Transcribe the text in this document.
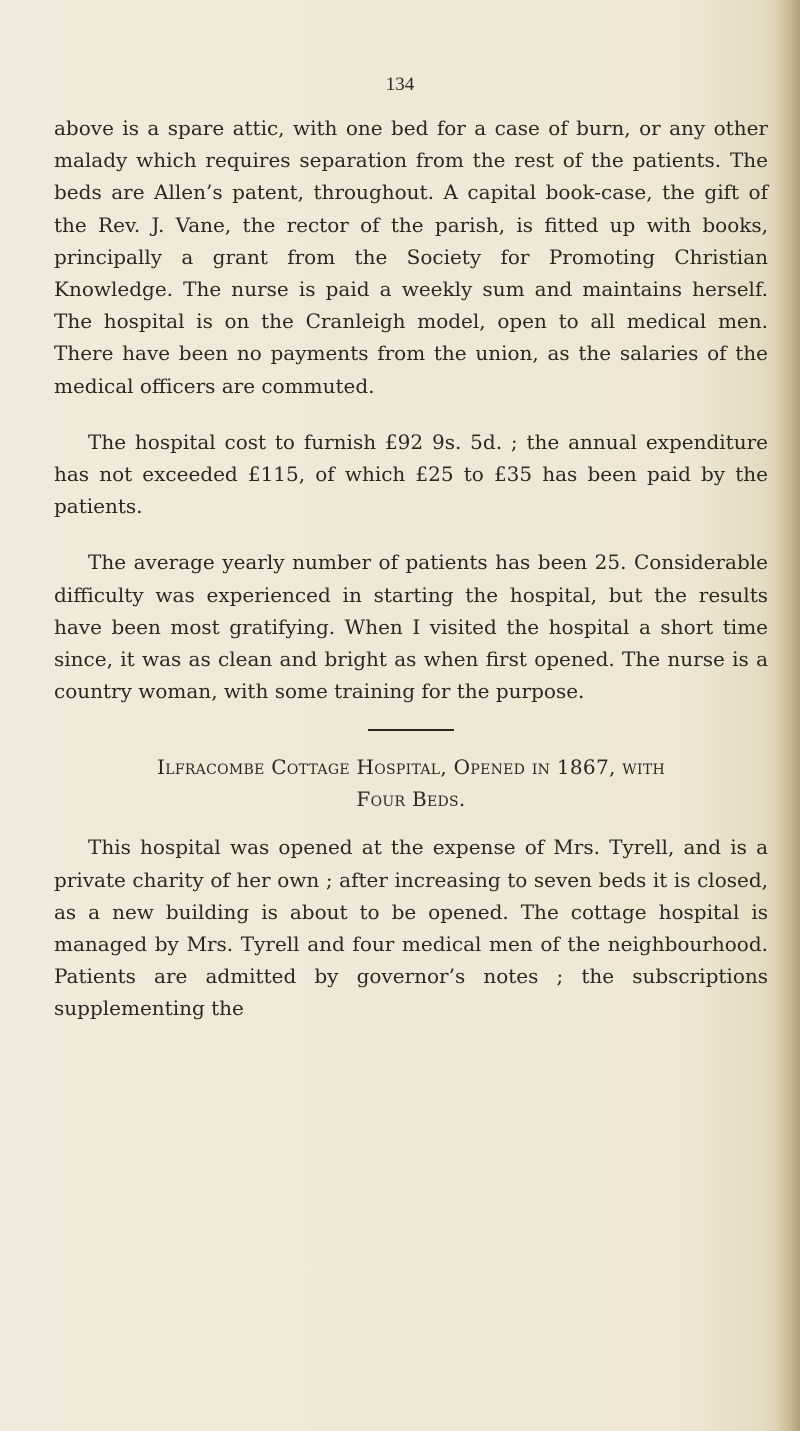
134

above is a spare attic, with one bed for a case of burn, or any other malady which requires separation from the rest of the patients. The beds are Allen’s patent, throughout. A capital book-case, the gift of the Rev. J. Vane, the rector of the parish, is fitted up with books, principally a grant from the Society for Promoting Christian Knowledge. The nurse is paid a weekly sum and maintains herself. The hospital is on the Cranleigh model, open to all medical men. There have been no payments from the union, as the salaries of the medical officers are commuted.

The hospital cost to furnish £92 9s. 5d. ; the annual expenditure has not exceeded £115, of which £25 to £35 has been paid by the patients.

The average yearly number of patients has been 25. Considerable difficulty was experienced in starting the hospital, but the results have been most gratifying. When I visited the hospital a short time since, it was as clean and bright as when first opened. The nurse is a country woman, with some training for the purpose.

Ilfracombe Cottage Hospital, Opened in 1867, with
Four Beds.

This hospital was opened at the expense of Mrs. Tyrell, and is a private charity of her own ; after increasing to seven beds it is closed, as a new building is about to be opened. The cottage hospital is managed by Mrs. Tyrell and four medical men of the neighbourhood. Patients are admitted by governor’s notes ; the subscriptions supplementing the
